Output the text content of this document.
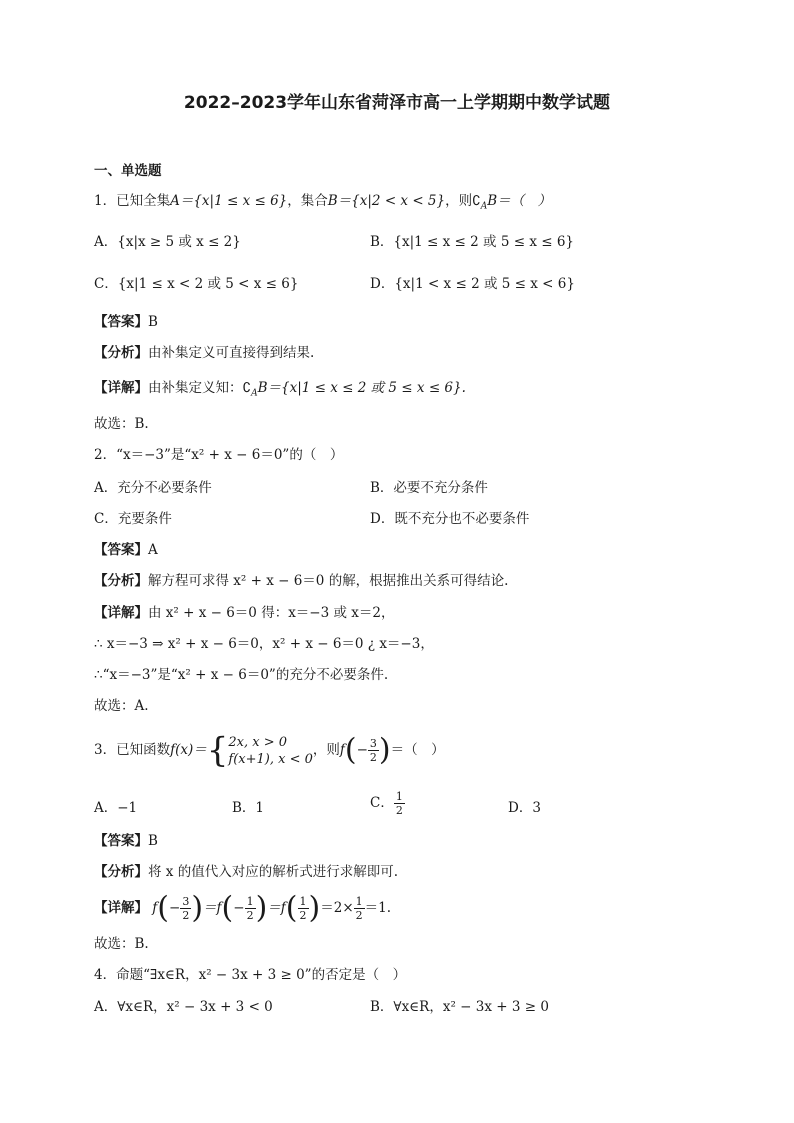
2022–2023学年山东省菏泽市高一上学期期中数学试题
一、单选题
1．已知全集A＝{x|1 ≤ x ≤ 6}，集合B＝{x|2 < x < 5}，则$∁_AB=$（　）
A．{x|x ≥ 5 或 x ≤ 2}	B．{x|1 ≤ x ≤ 2 或 5 ≤ x ≤ 6}
C．{x|1 ≤ x < 2 或 5 < x ≤ 6}	D．{x|1 < x ≤ 2 或 5 ≤ x < 6}
【答案】B
【分析】由补集定义可直接得到结果.
【详解】由补集定义知：$∁_AB=\{x|1 \le x \le 2$ 或 5 ≤ x ≤ 6}.
故选：B.
2．“x＝−3”是“x² + x − 6＝0”的（　）
A．充分不必要条件	B．必要不充分条件
C．充要条件	D．既不充分也不必要条件
【答案】A
【分析】解方程可求得 x² + x − 6＝0 的解，根据推出关系可得结论.
【详解】由 x² + x − 6＝0 得：x＝−3 或 x＝2，
∴ x＝−3 ⇒ x² + x − 6＝0，x² + x − 6＝0 ¿ x＝−3，
∴“x＝−3”是“x² + x − 6＝0”的充分不必要条件.
故选：A.
3．已知函数f(x)＝{ 2x, x > 0
f(x+1), x < 0
，则$f(- \frac{3}{2}$ )＝（　）
A．−1	B．1	C． $\frac{1}{2}$	D．3
【答案】B
【分析】将 x 的值代入对应的解析式进行求解即可.
【详解】 $f(- \frac{3}{2} )=f(- \frac{1}{2} )=f( \frac{1}{2} )=2\times \frac{1}{2} =1$.
故选：B.
4．命题“∃x∈R，x² − 3x + 3 ≥ 0”的否定是（　）
A．∀x∈R，x² − 3x + 3 < 0	B．∀x∈R，x² − 3x + 3 ≥ 0
